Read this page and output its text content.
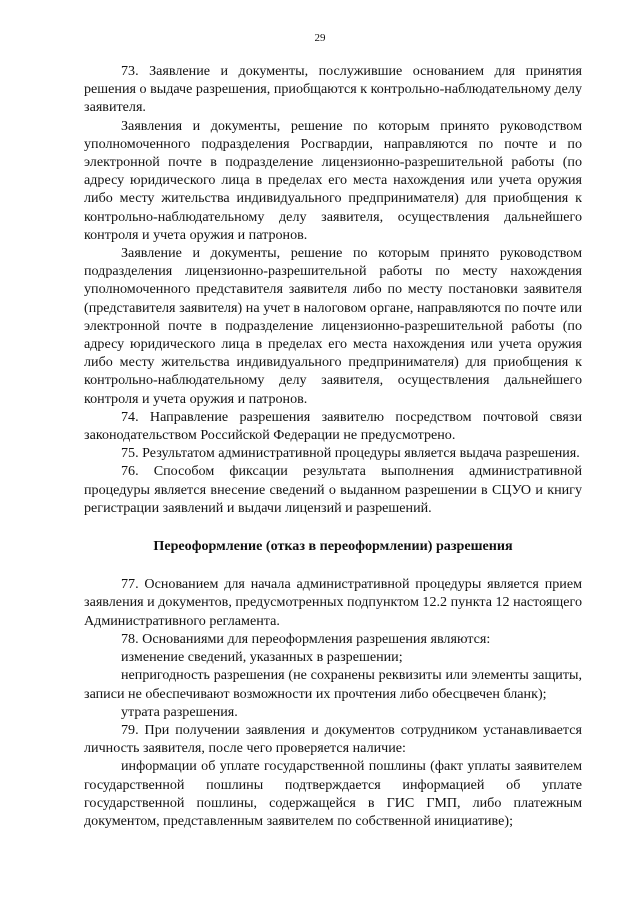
29

73. Заявление и документы, послужившие основанием для принятия решения о выдаче разрешения, приобщаются к контрольно-наблюдательному делу заявителя.

Заявления и документы, решение по которым принято руководством уполномоченного подразделения Росгвардии, направляются по почте и по электронной почте в подразделение лицензионно-разрешительной работы (по адресу юридического лица в пределах его места нахождения или учета оружия либо месту жительства индивидуального предпринимателя) для приобщения к контрольно-наблюдательному делу заявителя, осуществления дальнейшего контроля и учета оружия и патронов.

Заявление и документы, решение по которым принято руководством подразделения лицензионно-разрешительной работы по месту нахождения уполномоченного представителя заявителя либо по месту постановки заявителя (представителя заявителя) на учет в налоговом органе, направляются по почте или электронной почте в подразделение лицензионно-разрешительной работы (по адресу юридического лица в пределах его места нахождения или учета оружия либо месту жительства индивидуального предпринимателя) для приобщения к контрольно-наблюдательному делу заявителя, осуществления дальнейшего контроля и учета оружия и патронов.

74. Направление разрешения заявителю посредством почтовой связи законодательством Российской Федерации не предусмотрено.

75. Результатом административной процедуры является выдача разрешения.

76. Способом фиксации результата выполнения административной процедуры является внесение сведений о выданном разрешении в СЦУО и книгу регистрации заявлений и выдачи лицензий и разрешений.

Переоформление (отказ в переоформлении) разрешения

77. Основанием для начала административной процедуры является прием заявления и документов, предусмотренных подпунктом 12.2 пункта 12 настоящего Административного регламента.

78. Основаниями для переоформления разрешения являются:

изменение сведений, указанных в разрешении;

непригодность разрешения (не сохранены реквизиты или элементы защиты, записи не обеспечивают возможности их прочтения либо обесцвечен бланк);

утрата разрешения.

79. При получении заявления и документов сотрудником устанавливается личность заявителя, после чего проверяется наличие:

информации об уплате государственной пошлины (факт уплаты заявителем государственной пошлины подтверждается информацией об уплате государственной пошлины, содержащейся в ГИС ГМП, либо платежным документом, представленным заявителем по собственной инициативе);
